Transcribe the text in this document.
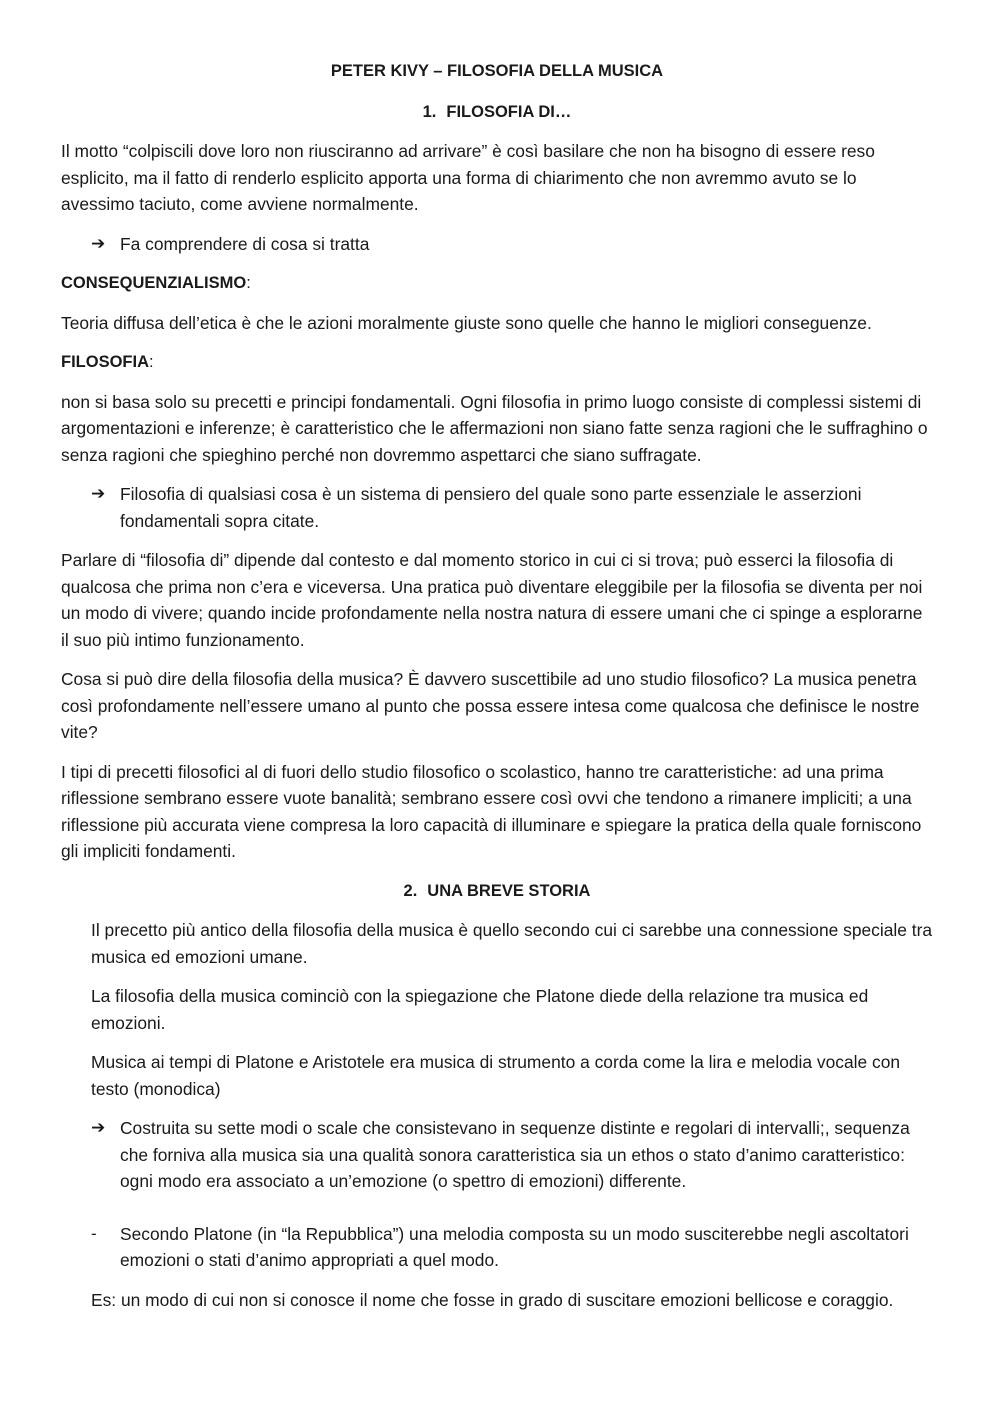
PETER KIVY – FILOSOFIA DELLA MUSICA

1. FILOSOFIA DI…

Il motto “colpiscili dove loro non riusciranno ad arrivare” è così basilare che non ha bisogno di essere reso esplicito, ma il fatto di renderlo esplicito apporta una forma di chiarimento che non avremmo avuto se lo avessimo taciuto, come avviene normalmente.

➔ Fa comprendere di cosa si tratta

CONSEQUENZIALISMO:

Teoria diffusa dell’etica è che le azioni moralmente giuste sono quelle che hanno le migliori conseguenze.

FILOSOFIA:

non si basa solo su precetti e principi fondamentali. Ogni filosofia in primo luogo consiste di complessi sistemi di argomentazioni e inferenze; è caratteristico che le affermazioni non siano fatte senza ragioni che le suffraghino o senza ragioni che spieghino perché non dovremmo aspettarci che siano suffragate.

➔ Filosofia di qualsiasi cosa è un sistema di pensiero del quale sono parte essenziale le asserzioni fondamentali sopra citate.

Parlare di “filosofia di” dipende dal contesto e dal momento storico in cui ci si trova; può esserci la filosofia di qualcosa che prima non c’era e viceversa. Una pratica può diventare eleggibile per la filosofia se diventa per noi un modo di vivere; quando incide profondamente nella nostra natura di essere umani che ci spinge a esplorarne il suo più intimo funzionamento.

Cosa si può dire della filosofia della musica? È davvero suscettibile ad uno studio filosofico? La musica penetra così profondamente nell’essere umano al punto che possa essere intesa come qualcosa che definisce le nostre vite?

I tipi di precetti filosofici al di fuori dello studio filosofico o scolastico, hanno tre caratteristiche: ad una prima riflessione sembrano essere vuote banalità; sembrano essere così ovvi che tendono a rimanere impliciti; a una riflessione più accurata viene compresa la loro capacità di illuminare e spiegare la pratica della quale forniscono gli impliciti fondamenti.

2. UNA BREVE STORIA

Il precetto più antico della filosofia della musica è quello secondo cui ci sarebbe una connessione speciale tra musica ed emozioni umane.

La filosofia della musica cominciò con la spiegazione che Platone diede della relazione tra musica ed emozioni.

Musica ai tempi di Platone e Aristotele era musica di strumento a corda come la lira e melodia vocale con testo (monodica)

➔ Costruita su sette modi o scale che consistevano in sequenze distinte e regolari di intervalli;, sequenza che forniva alla musica sia una qualità sonora caratteristica sia un ethos o stato d’animo caratteristico: ogni modo era associato a un’emozione (o spettro di emozioni) differente.

-	Secondo Platone (in “la Repubblica”) una melodia composta su un modo susciterebbe negli ascoltatori emozioni o stati d’animo appropriati a quel modo.

Es: un modo di cui non si conosce il nome che fosse in grado di suscitare emozioni bellicose e coraggio.
